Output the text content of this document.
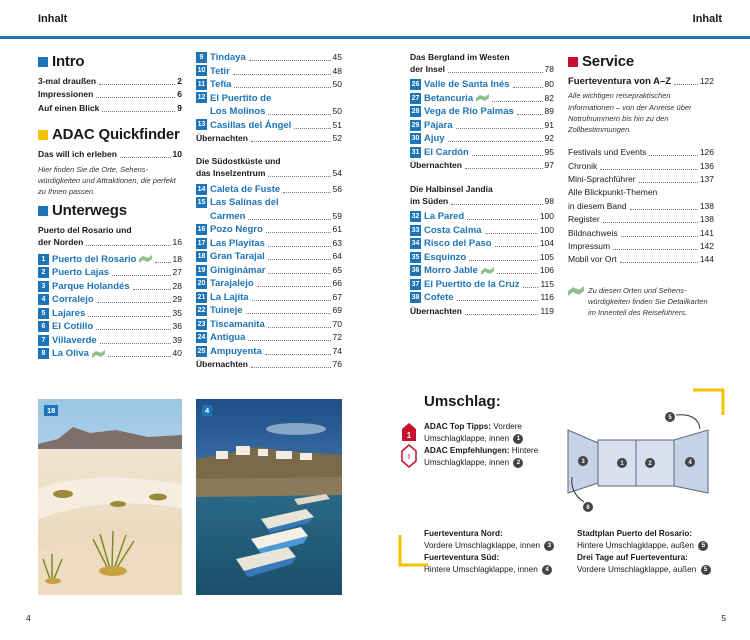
Inhalt	Inhalt
Intro
3-mal draußen	2
Impressionen	6
Auf einen Blick	9
ADAC Quickfinder
Das will ich erleben	10
Hier finden Sie die Orte, Sehens-würdigkeiten und Attraktionen, die perfekt zu Ihnen passen.
Unterwegs
Puerto del Rosario und
der Norden	16
1 Puerto del Rosario	18
2 Puerto Lajas	27
3 Parque Holandés	28
4 Corralejo	29
5 Lajares	35
6 El Cotillo	36
7 Villaverde	39
8 La Oliva	40
9 Tindaya	45
10 Tetir	48
11 Tefía	50
12 El Puertito de
Los Molinos	50
13 Casillas del Ángel	51
Übernachten	52
Die Südostküste und
das Inselzentrum	54
14 Caleta de Fuste	56
15 Las Salinas del
Carmen	59
16 Pozo Negro	61
17 Las Playitas	63
18 Gran Tarajal	64
19 Giniginámar	65
20 Tarajalejo	66
21 La Lajita	67
22 Tuineje	69
23 Tiscamanita	70
24 Antigua	72
25 Ampuyenta	74
Übernachten	76
Das Bergland im Westen
der Insel	78
26 Valle de Santa Inés	80
27 Betancuria	82
28 Vega de Río Palmas	89
29 Pájara	91
30 Ajuy	92
31 El Cardón	95
Übernachten	97
Die Halbinsel Jandía
im Süden	98
32 La Pared	100
33 Costa Calma	100
34 Risco del Paso	104
35 Esquinzo	105
36 Morro Jable	106
37 El Puertito de la Cruz 115
38 Cofete	116
Übernachten	119
Service
Fuerteventura von A–Z	122
Alle wichtigen reisepraktischen Informationen – von der Anreise über Notrufnummern bis hin zu den Zollbestimmungen.
Festivals und Events	126
Chronik	136
Mini-Sprachführer	137
Alle Blickpunkt-Themen
in diesem Band	138
Register	138
Bildnachweis	141
Impressum	142
Mobil vor Ort	144
Zu diesen Orten und Sehens-würdigkeiten finden Sie Detailkarten im Innenteil des Reiseführers.
18	4
Umschlag:
1
!
3	1	2	4
5
6
ADAC Top Tipps: Vordere Umschlagklappe, innen 1
ADAC Empfehlungen: Hintere
Umschlagklappe, innen 2
Fuerteventura Nord:
Vordere Umschlagklappe, innen 3
Fuerteventura Süd:
Hintere Umschlagklappe, innen 4
Stadtplan Puerto del Rosario:
Hintere Umschlagklappe, außen 5
Drei Tage auf Fuerteventura:
Vordere Umschlagklappe, außen 5
4	5
